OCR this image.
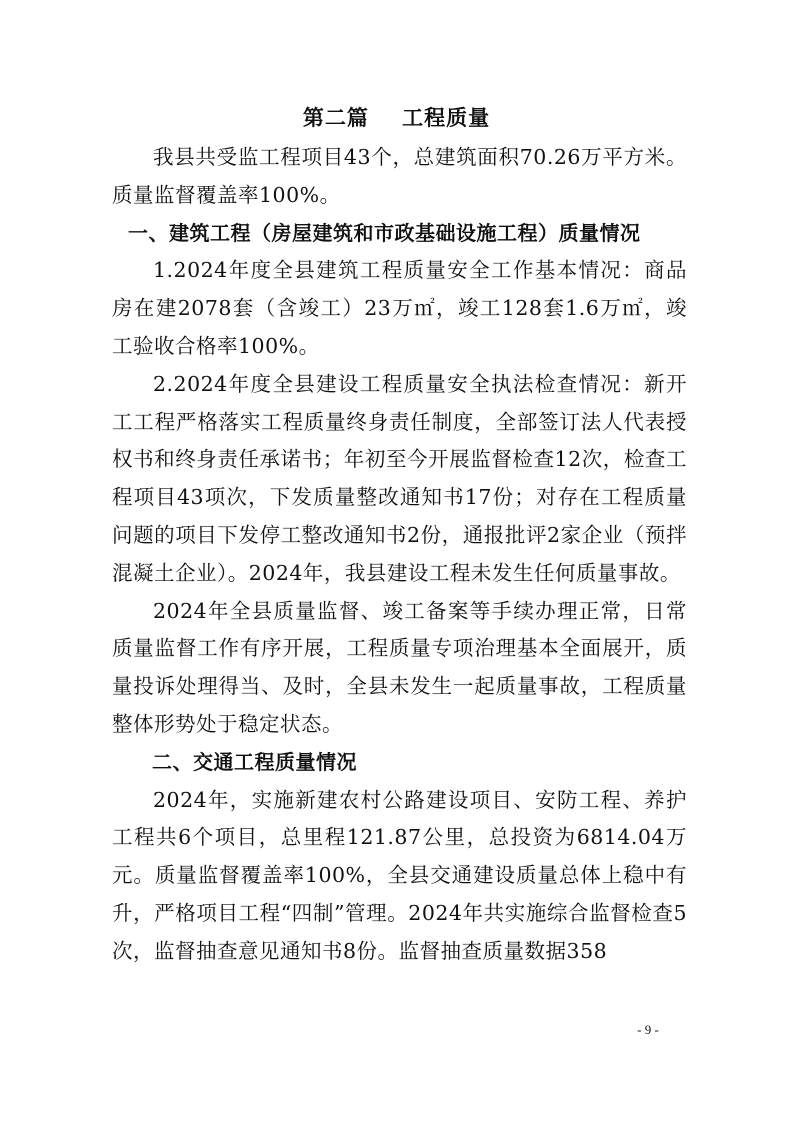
第二篇    工程质量

我县共受监工程项目43个，总建筑面积70.26万平方米。质量监督覆盖率100%。

一、建筑工程（房屋建筑和市政基础设施工程）质量情况

1.2024年度全县建筑工程质量安全工作基本情况：商品房在建2078套（含竣工）23万㎡，竣工128套1.6万㎡，竣工验收合格率100%。

2.2024年度全县建设工程质量安全执法检查情况：新开工工程严格落实工程质量终身责任制度，全部签订法人代表授权书和终身责任承诺书；年初至今开展监督检查12次，检查工程项目43项次，下发质量整改通知书17份；对存在工程质量问题的项目下发停工整改通知书2份，通报批评2家企业（预拌混凝土企业）。2024年，我县建设工程未发生任何质量事故。

2024年全县质量监督、竣工备案等手续办理正常，日常质量监督工作有序开展，工程质量专项治理基本全面展开，质量投诉处理得当、及时，全县未发生一起质量事故，工程质量整体形势处于稳定状态。

二、交通工程质量情况

2024年，实施新建农村公路建设项目、安防工程、养护工程共6个项目，总里程121.87公里，总投资为6814.04万元。质量监督覆盖率100%，全县交通建设质量总体上稳中有升，严格项目工程“四制”管理。2024年共实施综合监督检查5次，监督抽查意见通知书8份。监督抽查质量数据358

- 9 -
